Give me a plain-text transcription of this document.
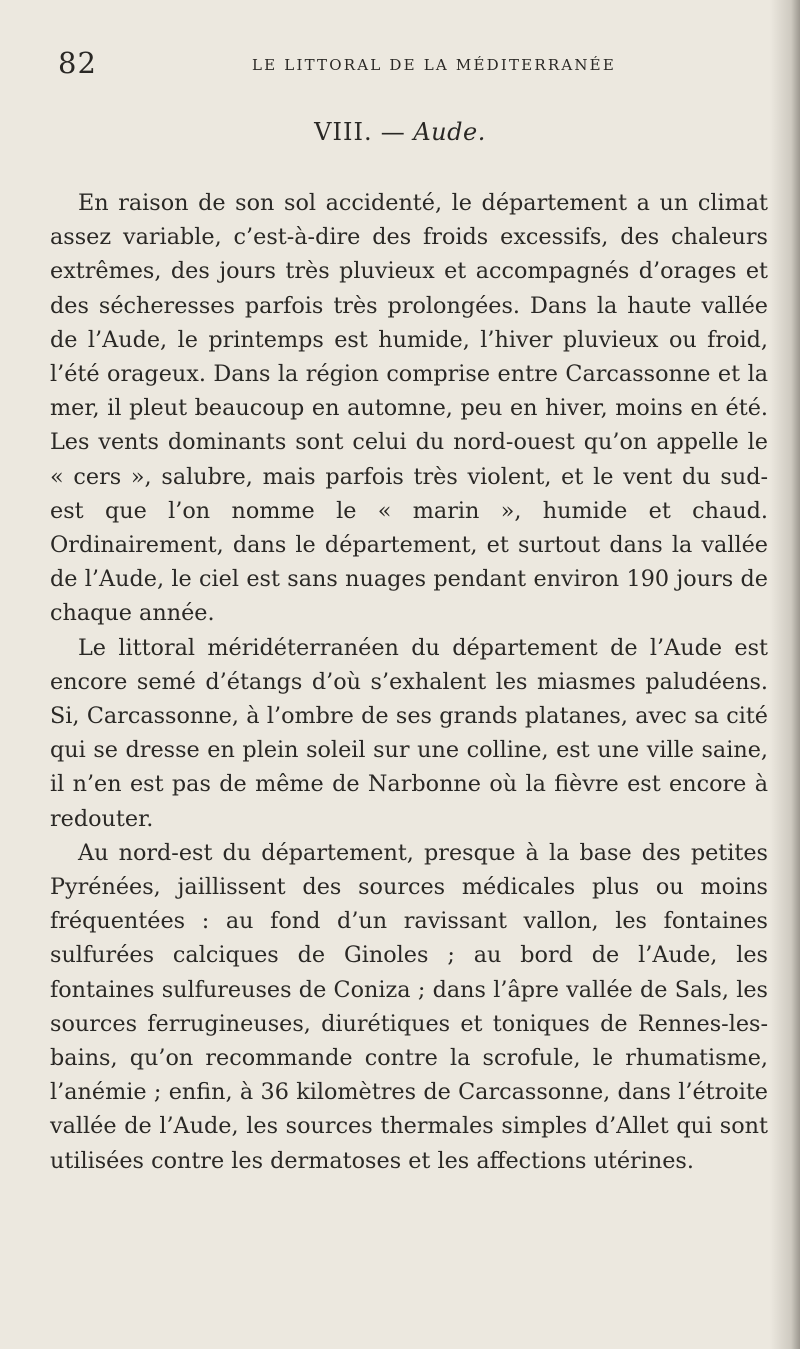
82	LE LITTORAL DE LA MÉDITERRANÉE
VIII. — Aude.

En raison de son sol accidenté, le département a un climat assez variable, c’est-à-dire des froids excessifs, des chaleurs extrêmes, des jours très pluvieux et accompagnés d’orages et des sécheresses parfois très prolongées. Dans la haute vallée de l’Aude, le printemps est humide, l’hiver pluvieux ou froid, l’été orageux. Dans la région comprise entre Carcassonne et la mer, il pleut beaucoup en automne, peu en hiver, moins en été. Les vents dominants sont celui du nord-ouest qu’on appelle le « cers », salubre, mais parfois très violent, et le vent du sud-est que l’on nomme le « marin », humide et chaud. Ordinairement, dans le département, et surtout dans la vallée de l’Aude, le ciel est sans nuages pendant environ 190 jours de chaque année.

Le littoral méridéterranéen du département de l’Aude est encore semé d’étangs d’où s’exhalent les miasmes paludéens. Si, Carcassonne, à l’ombre de ses grands platanes, avec sa cité qui se dresse en plein soleil sur une colline, est une ville saine, il n’en est pas de même de Narbonne où la fièvre est encore à redouter.

Au nord-est du département, presque à la base des petites Pyrénées, jaillissent des sources médicales plus ou moins fréquentées : au fond d’un ravissant vallon, les fontaines sulfurées calciques de Ginoles ; au bord de l’Aude, les fontaines sulfureuses de Coniza ; dans l’âpre vallée de Sals, les sources ferrugineuses, diurétiques et toniques de Rennes-les-bains, qu’on recommande contre la scrofule, le rhumatisme, l’anémie ; enfin, à 36 kilomètres de Carcassonne, dans l’étroite vallée de l’Aude, les sources thermales simples d’Allet qui sont utilisées contre les dermatoses et les affections utérines.
